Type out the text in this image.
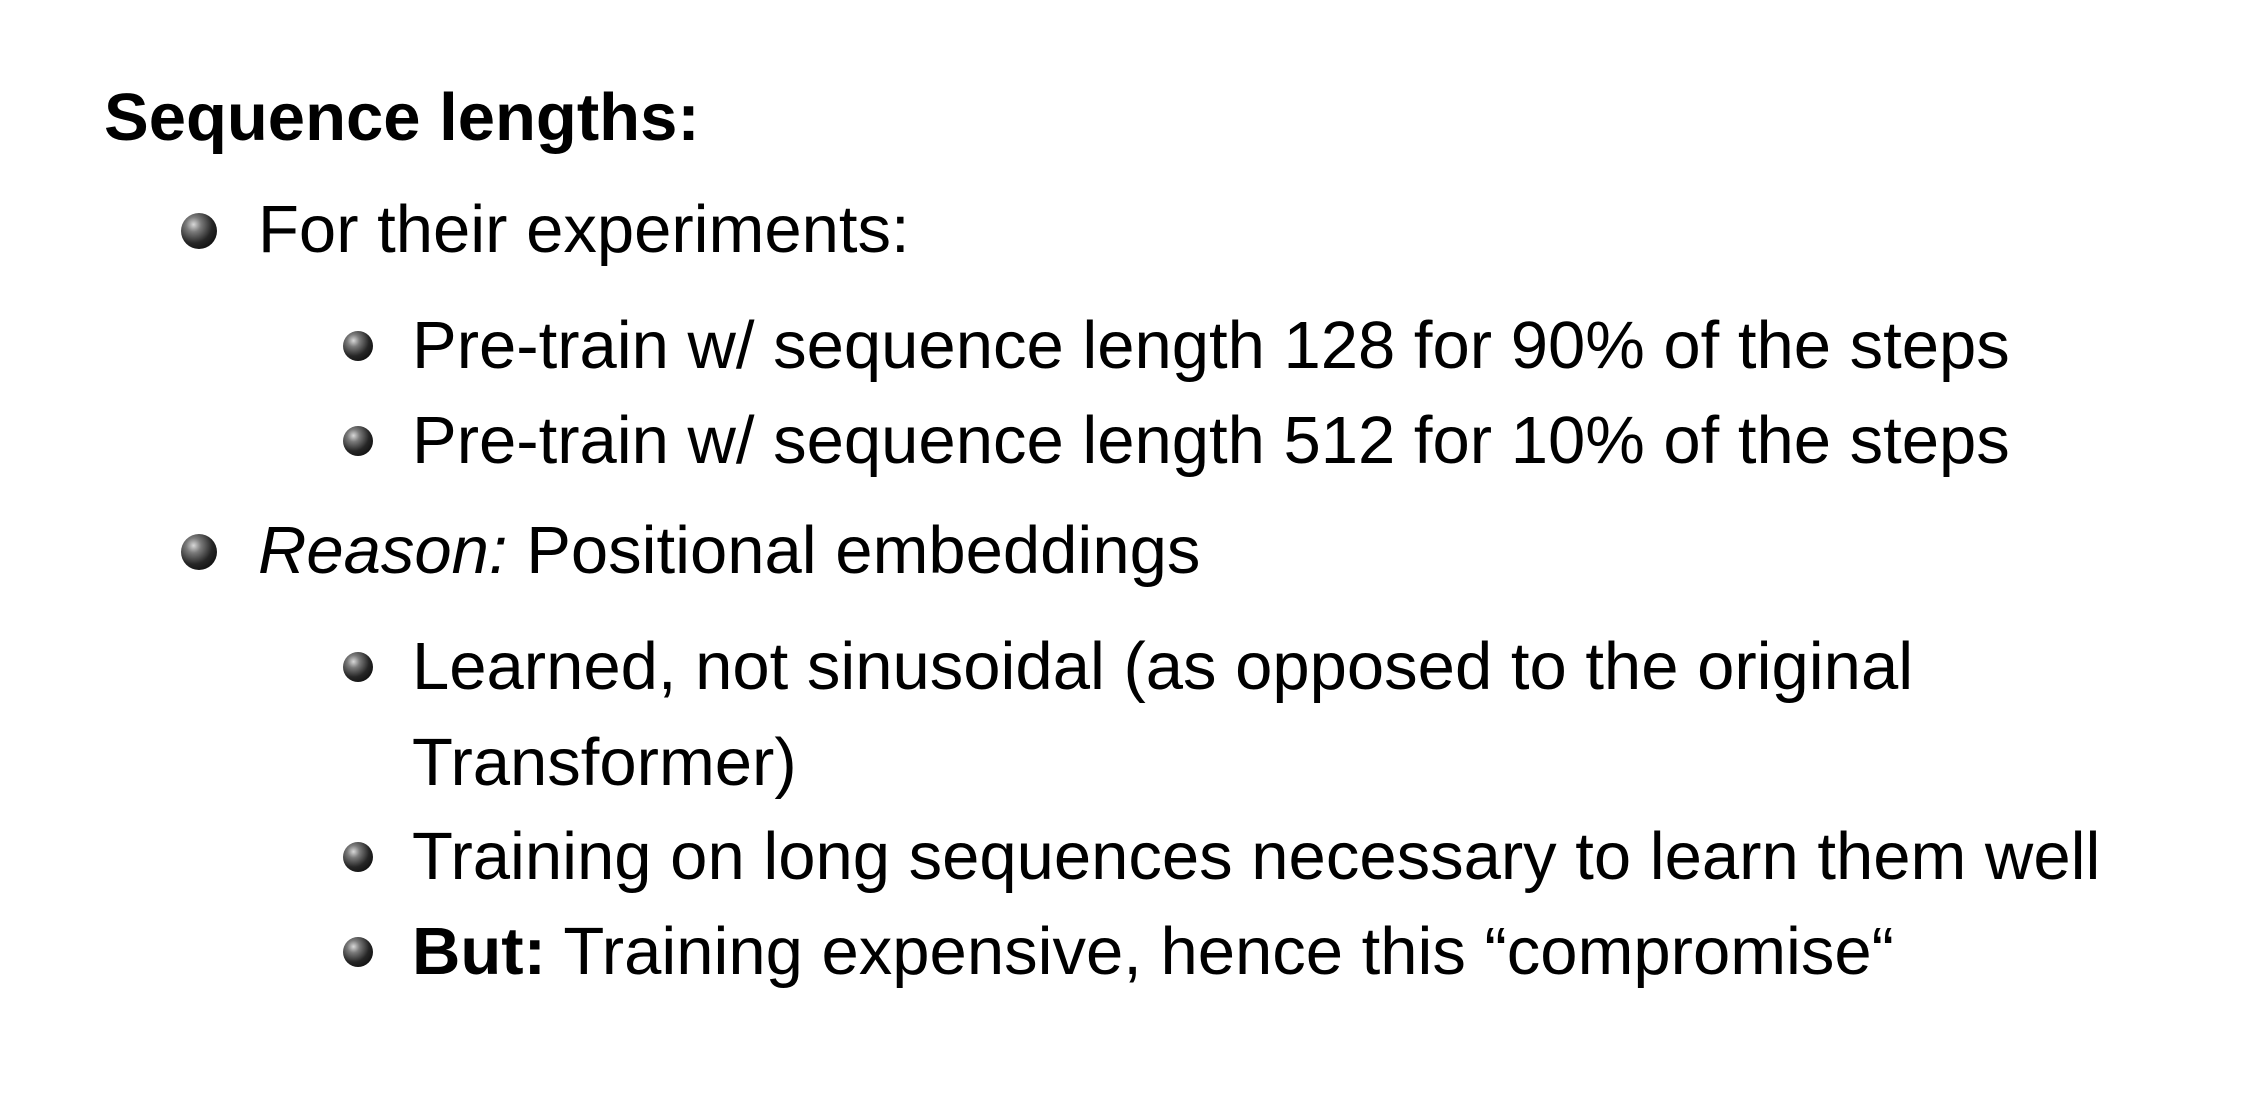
Sequence lengths:
For their experiments:
Pre-train w/ sequence length 128 for 90% of the steps
Pre-train w/ sequence length 512 for 10% of the steps
Reason: Positional embeddings
Learned, not sinusoidal (as opposed to the original Transformer)
Training on long sequences necessary to learn them well
But: Training expensive, hence this “compromise“
